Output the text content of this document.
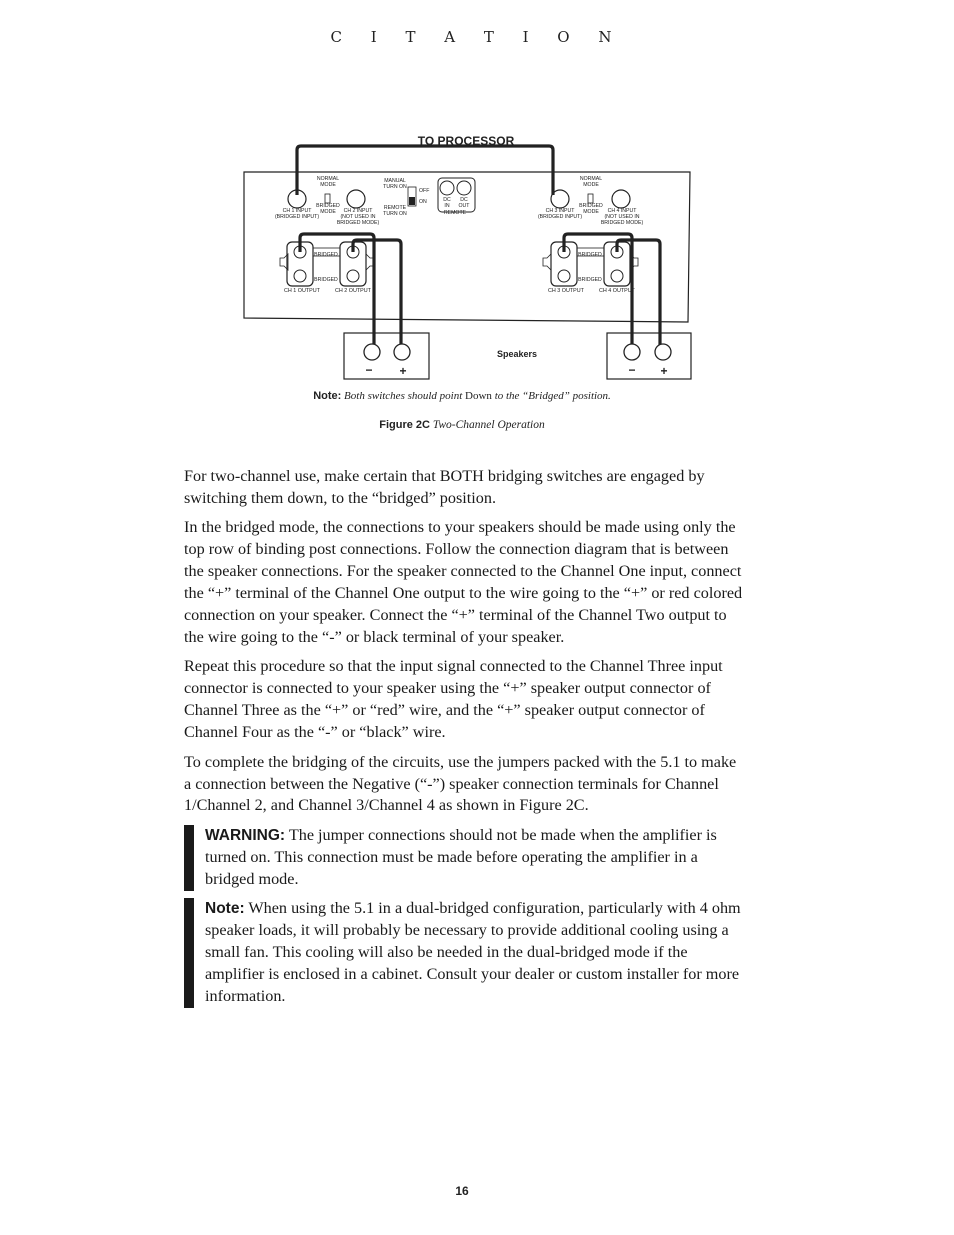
C I T A T I O N
TO PROCESSOR
NORMAL
MODE
BRIDGED
MODE
CH 1 INPUT
(BRIDGED INPUT)
CH 2 INPUT
(NOT USED IN
BRIDGED MODE)
BRIDGED
BRIDGED
CH 1 OUTPUT	CH 2 OUTPUT
MANUAL
TURN ON
OFF
ON
REMOTE
TURN ON
DC
IN
DC
OUT
REMOTE
NORMAL
MODE
BRIDGED
MODE
CH 3 INPUT
(BRIDGED INPUT)
CH 4 INPUT
(NOT USED IN
BRIDGED MODE)
BRIDGED
BRIDGED
CH 3 OUTPUT	CH 4 OUTPUT
− +	− +
Speakers
Note: Both switches should point Down to the “Bridged” position.
Figure 2C Two-Channel Operation

For two-channel use, make certain that BOTH bridging switches are engaged by switching them down, to the “bridged” position.

In the bridged mode, the connections to your speakers should be made using only the top row of binding post connections. Follow the connection diagram that is between the speaker connections. For the speaker connected to the Channel One input, connect the “+” terminal of the Channel One output to the wire going to the “+” or red colored connection on your speaker. Connect the “+” terminal of the Channel Two output to the wire going to the “-” or black terminal of your speaker.

Repeat this procedure so that the input signal connected to the Channel Three input connector is connected to your speaker using the “+” speaker output connector of Channel Three as the “+” or “red” wire, and the “+” speaker output connector of Channel Four as the “-” or “black” wire.

To complete the bridging of the circuits, use the jumpers packed with the 5.1 to make a connection between the Negative (“-”) speaker connection terminals for Channel 1/Channel 2, and Channel 3/Channel 4 as shown in Figure 2C.

WARNING: The jumper connections should not be made when the amplifier is turned on. This connection must be made before operating the amplifier in a bridged mode.
Note: When using the 5.1 in a dual-bridged configuration, particularly with 4 ohm speaker loads, it will probably be necessary to provide additional cooling using a small fan. This cooling will also be needed in the dual-bridged mode if the amplifier is enclosed in a cabinet. Consult your dealer or custom installer for more information.
16
